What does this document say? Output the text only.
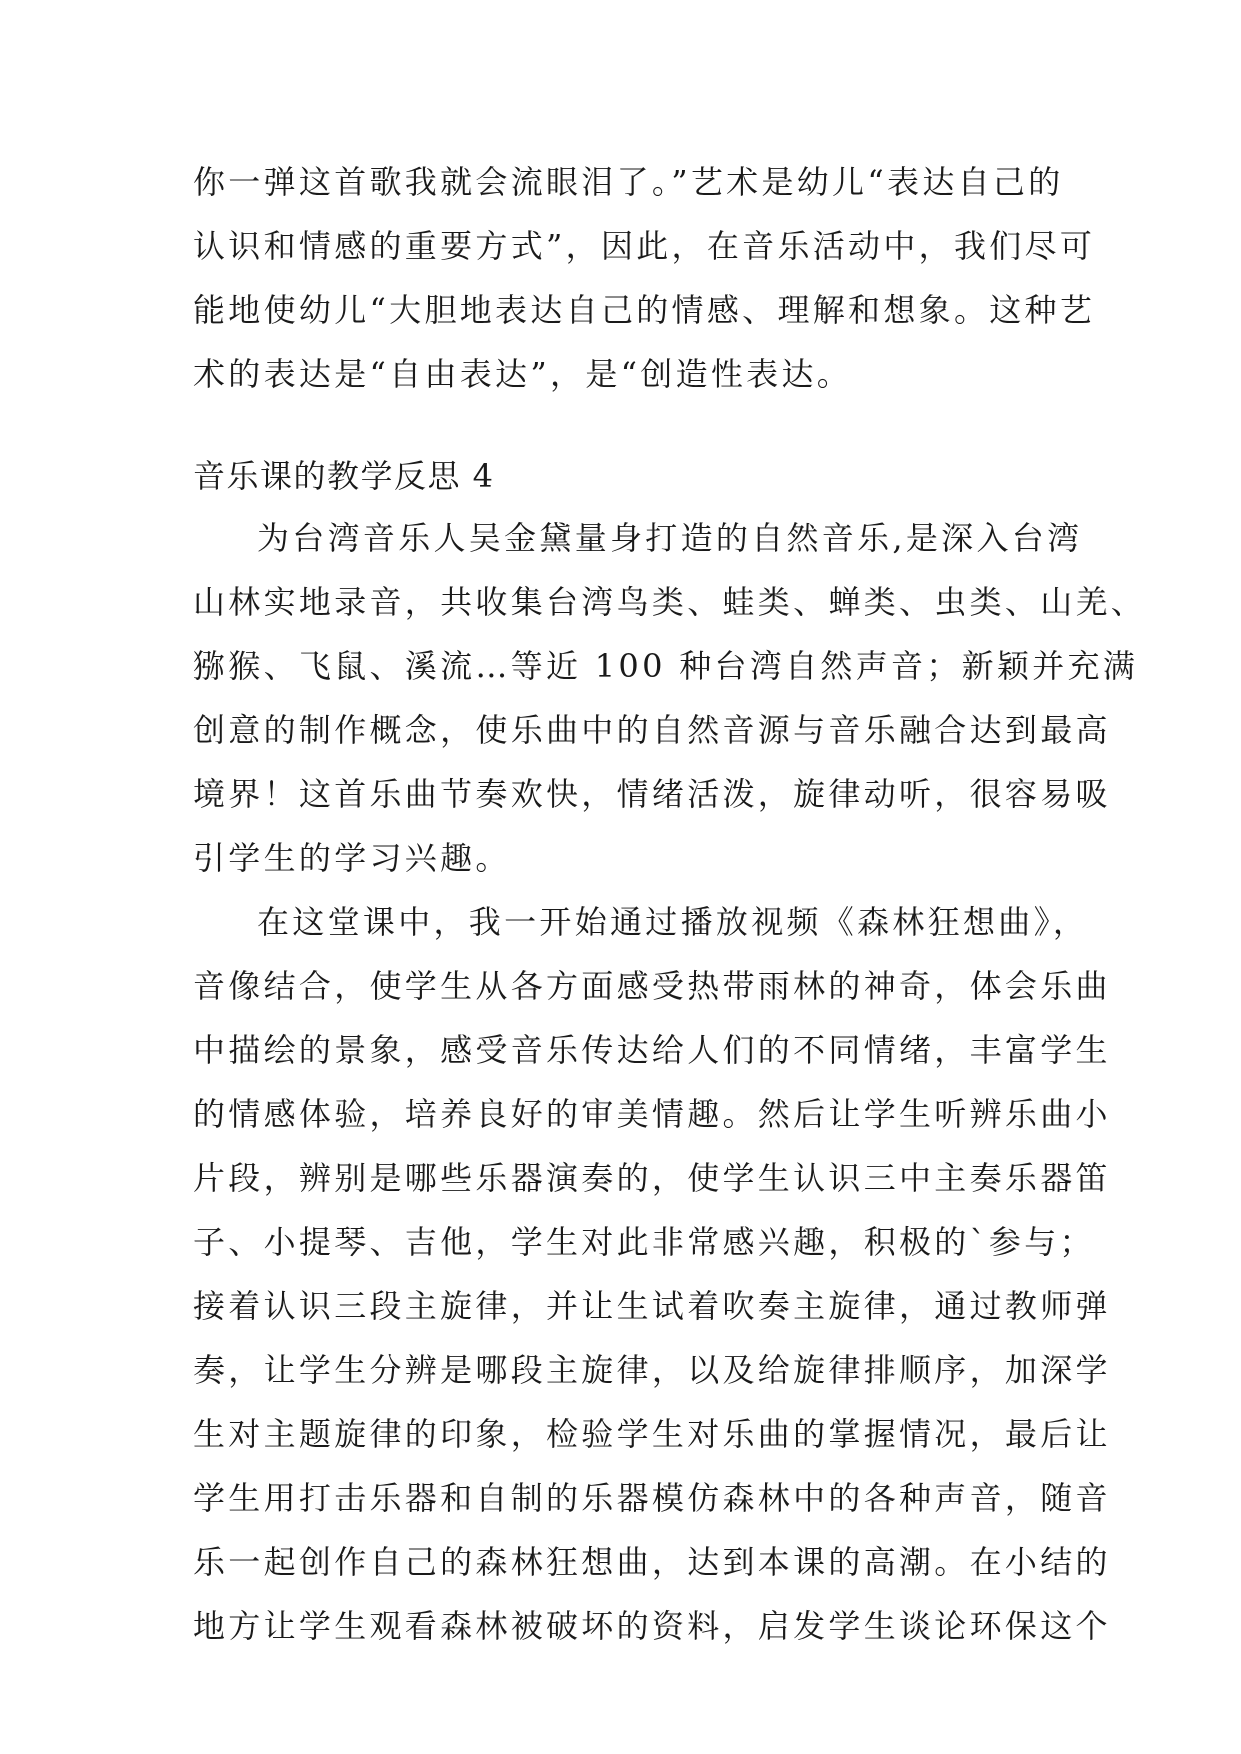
你一弹这首歌我就会流眼泪了。”艺术是幼儿“表达自己的
认识和情感的重要方式”，因此，在音乐活动中，我们尽可
能地使幼儿“大胆地表达自己的情感、理解和想象。这种艺
术的表达是“自由表达”，是“创造性表达。
音乐课的教学反思 4
为台湾音乐人吴金黛量身打造的自然音乐,是深入台湾
山林实地录音，共收集台湾鸟类、蛙类、蝉类、虫类、山羌、
猕猴、飞鼠、溪流…等近 100 种台湾自然声音；新颖并充满
创意的制作概念，使乐曲中的自然音源与音乐融合达到最高
境界！这首乐曲节奏欢快，情绪活泼，旋律动听，很容易吸
引学生的学习兴趣。
在这堂课中，我一开始通过播放视频《森林狂想曲》，
音像结合，使学生从各方面感受热带雨林的神奇，体会乐曲
中描绘的景象，感受音乐传达给人们的不同情绪，丰富学生
的情感体验，培养良好的审美情趣。然后让学生听辨乐曲小
片段，辨别是哪些乐器演奏的，使学生认识三中主奏乐器笛
子、小提琴、吉他，学生对此非常感兴趣，积极的`参与；
接着认识三段主旋律，并让生试着吹奏主旋律，通过教师弹
奏，让学生分辨是哪段主旋律，以及给旋律排顺序，加深学
生对主题旋律的印象，检验学生对乐曲的掌握情况，最后让
学生用打击乐器和自制的乐器模仿森林中的各种声音，随音
乐一起创作自己的森林狂想曲，达到本课的高潮。在小结的
地方让学生观看森林被破坏的资料，启发学生谈论环保这个
